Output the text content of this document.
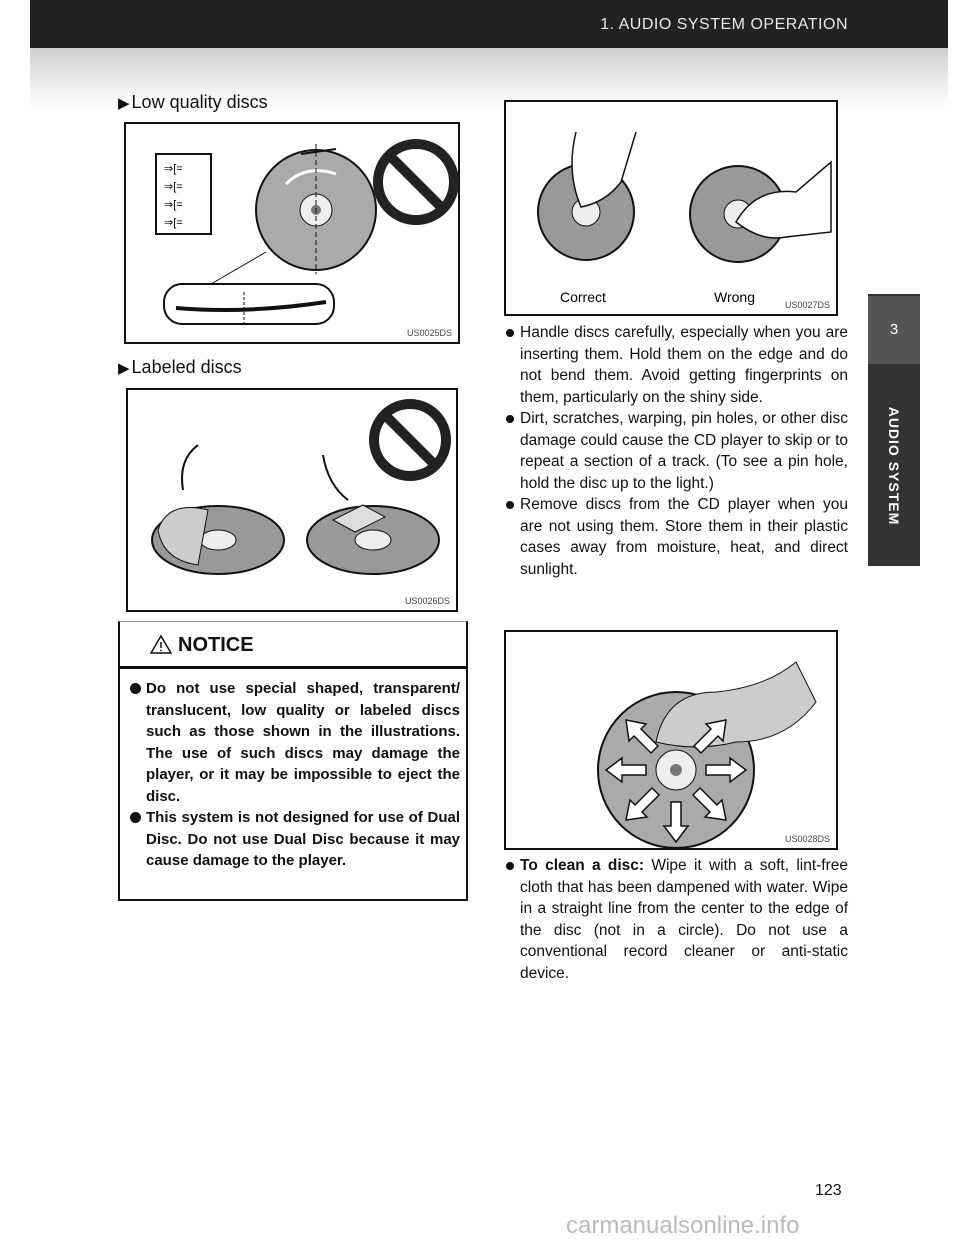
1. AUDIO SYSTEM OPERATION
3
AUDIO SYSTEM
▶ Low quality discs
⇒[=
⇒[=
⇒[=
⇒[=
US0025DS
▶ Labeled discs
US0026DS
NOTICE
Do not use special shaped, transparent/ translucent, low quality or labeled discs such as those shown in the illustrations. The use of such discs may damage the player, or it may be impossible to eject the disc.
This system is not designed for use of Dual Disc. Do not use Dual Disc because it may cause damage to the player.
Correct	Wrong	US0027DS
Handle discs carefully, especially when you are inserting them. Hold them on the edge and do not bend them. Avoid getting fingerprints on them, particularly on the shiny side.
Dirt, scratches, warping, pin holes, or other disc damage could cause the CD player to skip or to repeat a section of a track. (To see a pin hole, hold the disc up to the light.)
Remove discs from the CD player when you are not using them. Store them in their plastic cases away from moisture, heat, and direct sunlight.
US0028DS
To clean a disc: Wipe it with a soft, lint-free cloth that has been dampened with water. Wipe in a straight line from the center to the edge of the disc (not in a circle). Do not use a conventional record cleaner or anti-static device.
123
carmanualsonline.info
